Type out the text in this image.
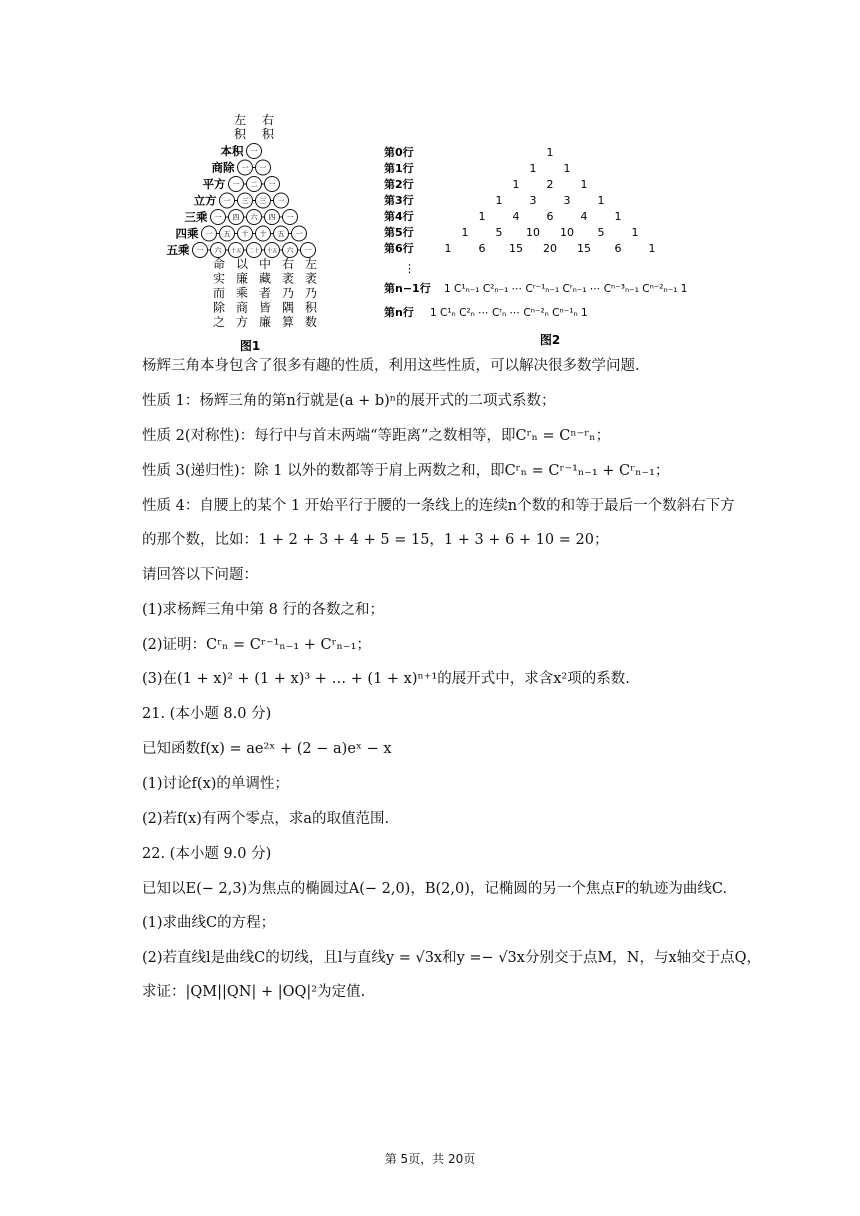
左 右
积 积
本积 一
商除 一 一
平方 一 二 一
立方 一 三 三 一
三乘 一 四 六 四 一
四乘 一 五 十 十 五 一
五乘 一 六 十五 二十 十五 六 一
命
实
而
除
之
以
廉
乘
商
方
中
藏
者
皆
廉
右
袤
乃
隅
算
左
袤
乃
积
数
图1
第0行	1
第1行	1 1
第2行	1 2 1
第3行	1 3 3 1
第4行	1 4 6 4 1
第5行	1 5 10 10 5 1
第6行	1 6 15 20 15 6 1
⋮
第n−1行 1 C¹ₙ₋₁ C²ₙ₋₁ ⋯ Cʳ⁻¹ₙ₋₁ Cʳₙ₋₁ ⋯ Cⁿ⁻³ₙ₋₁ Cⁿ⁻²ₙ₋₁ 1
第n行 1 C¹ₙ C²ₙ ⋯ Cʳₙ ⋯ Cⁿ⁻²ₙ Cⁿ⁻¹ₙ 1
图2
杨辉三角本身包含了很多有趣的性质，利用这些性质，可以解决很多数学问题.
性质 1：杨辉三角的第n行就是(a + b)ⁿ的展开式的二项式系数；
性质 2(对称性)：每行中与首末两端“等距离”之数相等，即Cʳₙ = Cⁿ⁻ʳₙ；
性质 3(递归性)：除 1 以外的数都等于肩上两数之和，即Cʳₙ = Cʳ⁻¹ₙ₋₁ + Cʳₙ₋₁；
性质 4：自腰上的某个 1 开始平行于腰的一条线上的连续n个数的和等于最后一个数斜右下方
的那个数，比如：1 + 2 + 3 + 4 + 5 = 15，1 + 3 + 6 + 10 = 20；
请回答以下问题：
(1)求杨辉三角中第 8 行的各数之和；
(2)证明：Cʳₙ = Cʳ⁻¹ₙ₋₁ + Cʳₙ₋₁；
(3)在(1 + x)² + (1 + x)³ + … + (1 + x)ⁿ⁺¹的展开式中，求含x²项的系数.
21. (本小题 8.0 分)
已知函数f(x) = ae²ˣ + (2 − a)eˣ − x
(1)讨论f(x)的单调性；
(2)若f(x)有两个零点，求a的取值范围.
22. (本小题 9.0 分)
已知以E(− 2,3)为焦点的椭圆过A(− 2,0)，B(2,0)，记椭圆的另一个焦点F的轨迹为曲线C.
(1)求曲线C的方程；
(2)若直线l是曲线C的切线，且l与直线y = √3x和y =− √3x分别交于点M，N，与x轴交于点Q，
求证：|QM||QN| + |OQ|²为定值.
第 5页，共 20页
